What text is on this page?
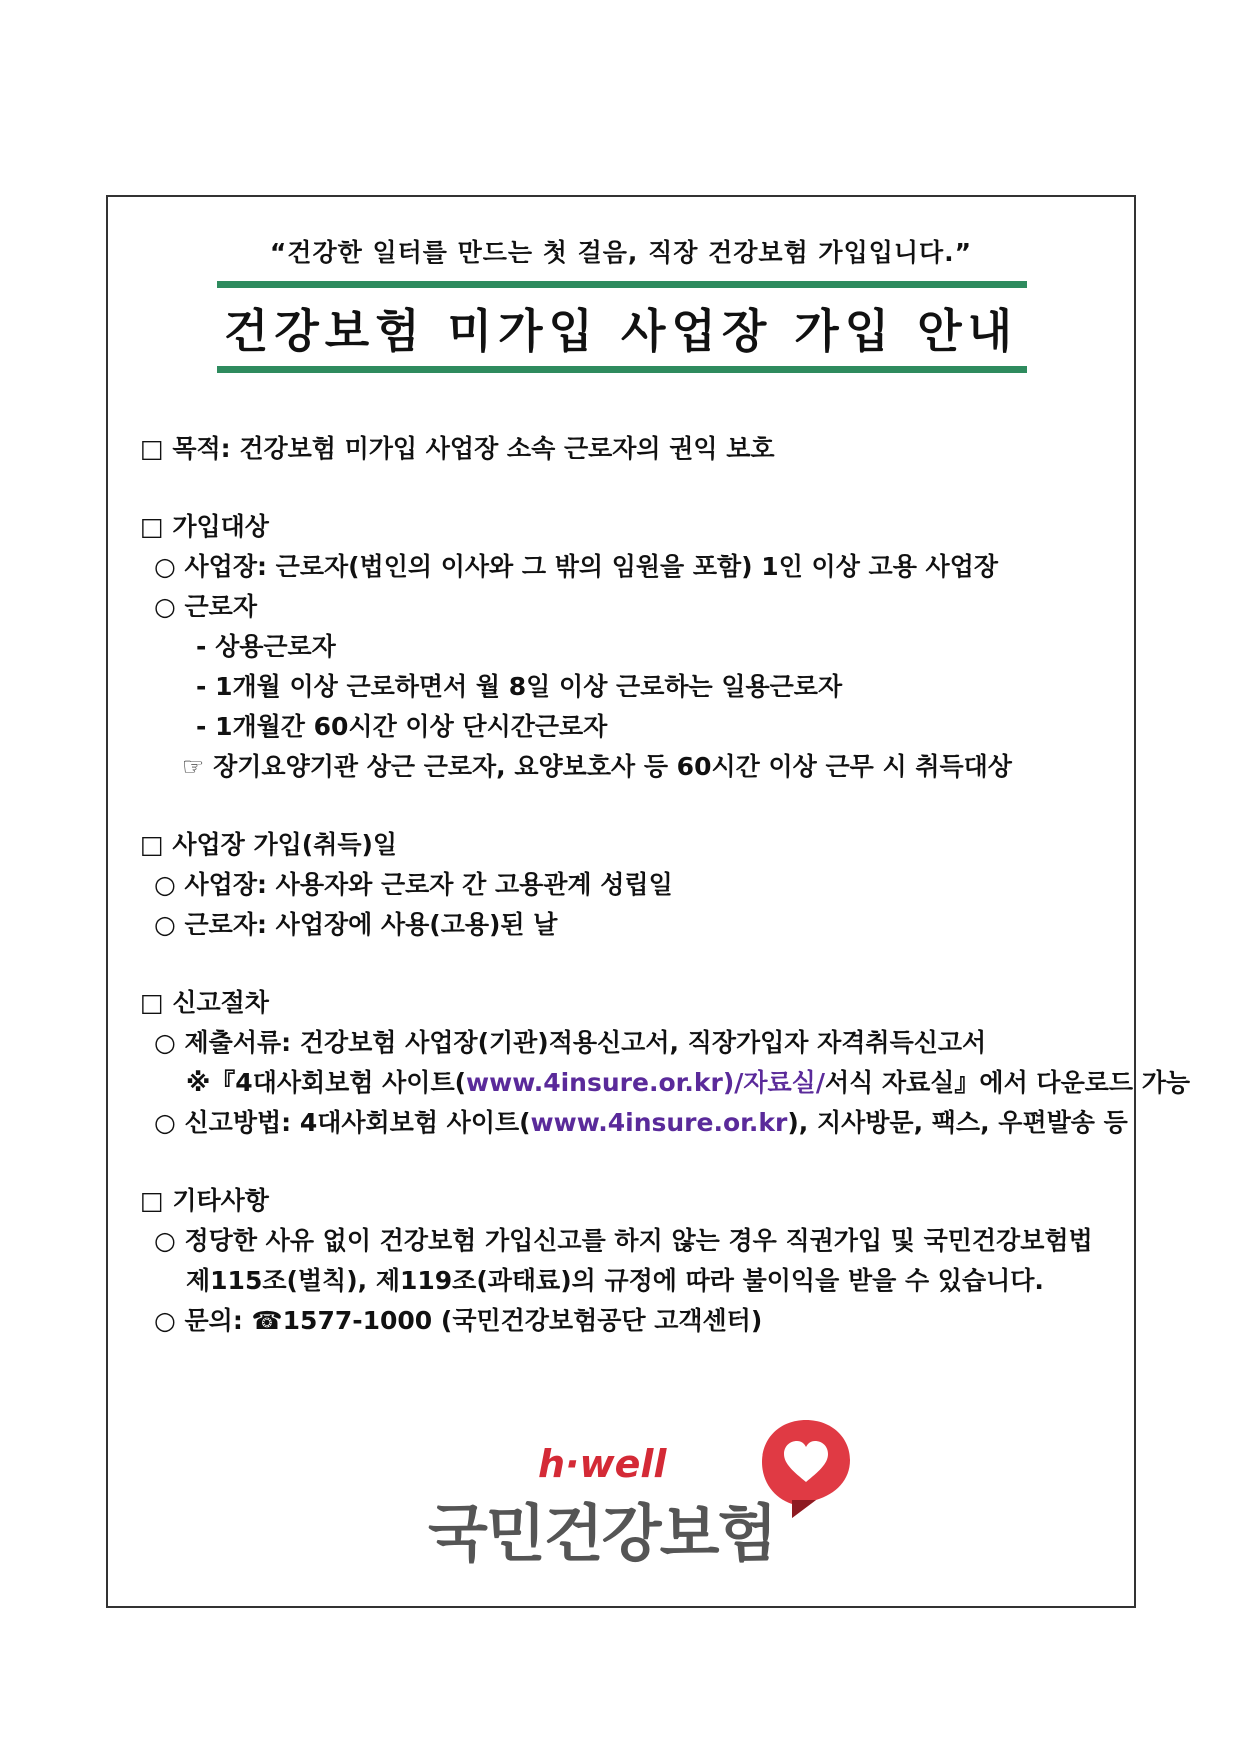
“건강한 일터를 만드는 첫 걸음, 직장 건강보험 가입입니다.”
건강보험 미가입 사업장 가입 안내
□ 목적: 건강보험 미가입 사업장 소속 근로자의 권익 보호
□ 가입대상
○ 사업장: 근로자(법인의 이사와 그 밖의 임원을 포함) 1인 이상 고용 사업장
○ 근로자
- 상용근로자
- 1개월 이상 근로하면서 월 8일 이상 근로하는 일용근로자
- 1개월간 60시간 이상 단시간근로자
☞ 장기요양기관 상근 근로자, 요양보호사 등 60시간 이상 근무 시 취득대상
□ 사업장 가입(취득)일
○ 사업장: 사용자와 근로자 간 고용관계 성립일
○ 근로자: 사업장에 사용(고용)된 날
□ 신고절차
○ 제출서류: 건강보험 사업장(기관)적용신고서, 직장가입자 자격취득신고서
※『4대사회보험 사이트(www.4insure.or.kr)/자료실/서식 자료실』에서 다운로드 가능
○ 신고방법: 4대사회보험 사이트(www.4insure.or.kr), 지사방문, 팩스, 우편발송 등
□ 기타사항
○ 정당한 사유 없이 건강보험 가입신고를 하지 않는 경우 직권가입 및 국민건강보험법
제115조(벌칙), 제119조(과태료)의 규정에 따라 불이익을 받을 수 있습니다.
○ 문의: ☎1577-1000 (국민건강보험공단 고객센터)
h·well
국민건강보험
